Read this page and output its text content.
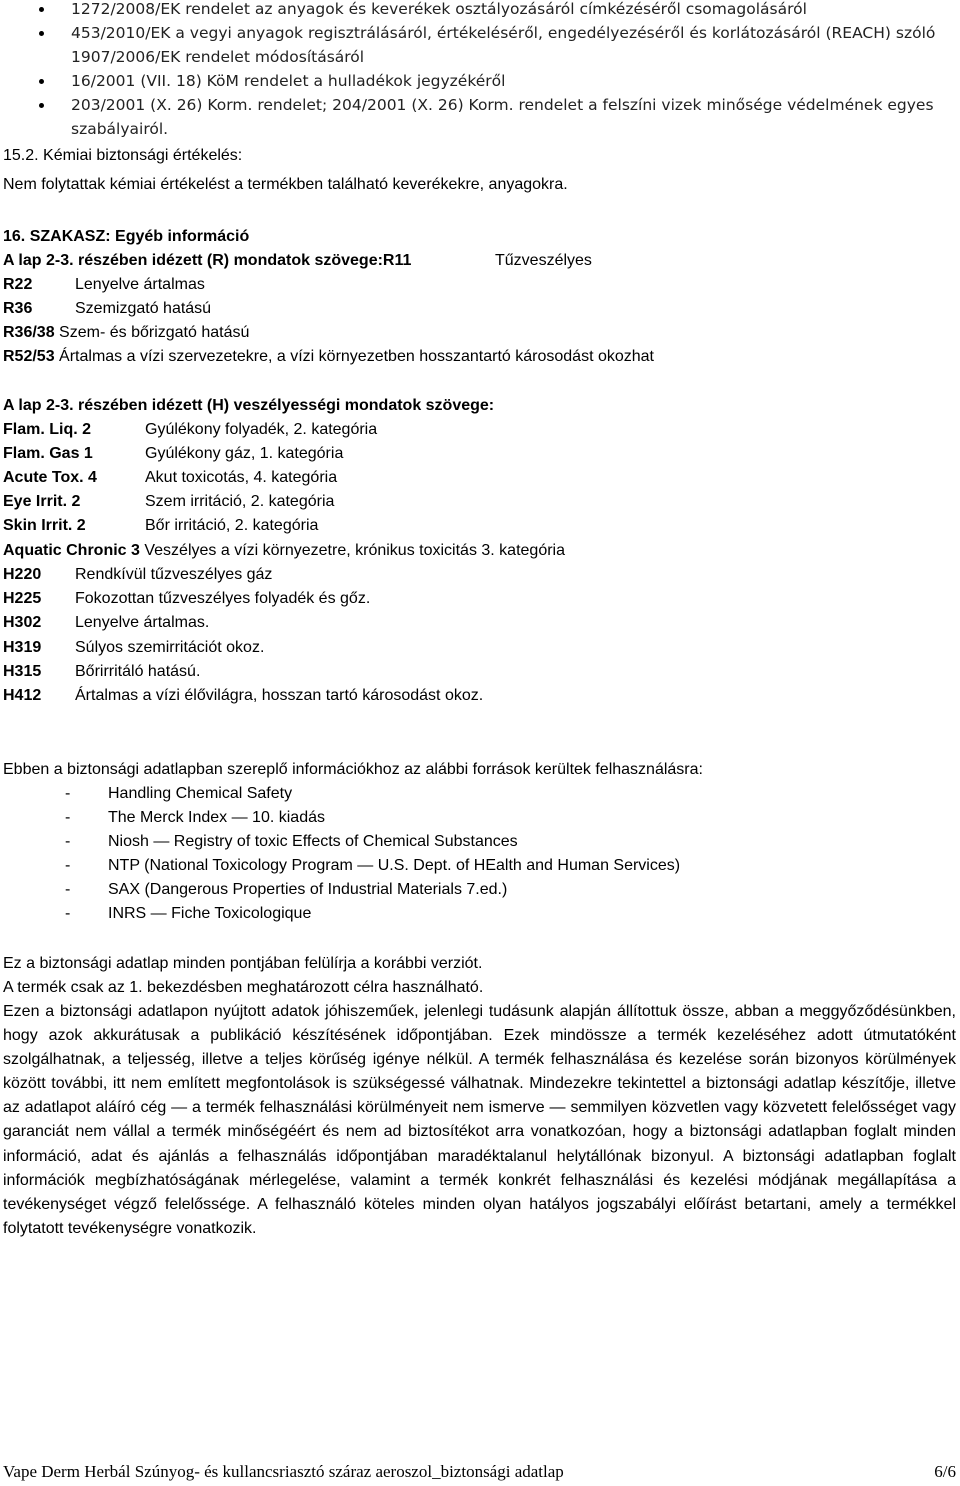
1272/2008/EK rendelet az anyagok és keverékek osztályozásáról címkézéséről csomagolásáról
453/2010/EK a vegyi anyagok regisztrálásáról, értékeléséről, engedélyezéséről és korlátozásáról (REACH) szóló 1907/2006/EK rendelet módosításáról
16/2001 (VII. 18) KöM rendelet a hulladékok jegyzékéről
203/2001 (X. 26) Korm. rendelet; 204/2001 (X. 26) Korm. rendelet a felszíni vizek minősége védelmének egyes szabályairól.
15.2. Kémiai biztonsági értékelés:
Nem folytattak kémiai értékelést a termékben található keverékekre, anyagokra.
16. SZAKASZ: Egyéb információ
A lap 2-3. részében idézett (R) mondatok szövege:R11	Tűzveszélyes
R22	Lenyelve ártalmas
R36	Szemizgató hatású
R36/38 Szem- és bőrizgató hatású
R52/53 Ártalmas a vízi szervezetekre, a vízi környezetben hosszantartó károsodást okozhat
A lap 2-3. részében idézett (H) veszélyességi mondatok szövege:
Flam. Liq. 2	Gyúlékony folyadék, 2. kategória
Flam. Gas 1	Gyúlékony gáz, 1. kategória
Acute Tox. 4	Akut toxicotás, 4. kategória
Eye Irrit. 2	Szem irritáció, 2. kategória
Skin Irrit. 2	Bőr irritáció, 2. kategória
Aquatic Chronic 3 Veszélyes a vízi környezetre, krónikus toxicitás 3. kategória
H220 Rendkívül tűzveszélyes gáz
H225 Fokozottan tűzveszélyes folyadék és gőz.
H302 Lenyelve ártalmas.
H319 Súlyos szemirritációt okoz.
H315 Bőrirritáló hatású.
H412 Ártalmas a vízi élővilágra, hosszan tartó károsodást okoz.
Ebben a biztonsági adatlapban szereplő információkhoz az alábbi források kerültek felhasználásra:
- Handling Chemical Safety
- The Merck Index — 10. kiadás
- Niosh — Registry of toxic Effects of Chemical Substances
- NTP (National Toxicology Program — U.S. Dept. of HEalth and Human Services)
- SAX (Dangerous Properties of Industrial Materials 7.ed.)
- INRS — Fiche Toxicologique
Ez a biztonsági adatlap minden pontjában felülírja a korábbi verziót.
A termék csak az 1. bekezdésben meghatározott célra használható.
Ezen a biztonsági adatlapon nyújtott adatok jóhiszeműek, jelenlegi tudásunk alapján állítottuk össze, abban a meggyőződésünkben, hogy azok akkurátusak a publikáció készítésének időpontjában. Ezek mindössze a termék kezeléséhez adott útmutatóként szolgálhatnak, a teljesség, illetve a teljes körűség igénye nélkül. A termék felhasználása és kezelése során bizonyos körülmények között további, itt nem említett megfontolások is szükségessé válhatnak. Mindezekre tekintettel a biztonsági adatlap készítője, illetve az adatlapot aláíró cég — a termék felhasználási körülményeit nem ismerve — semmilyen közvetlen vagy közvetett felelősséget vagy garanciát nem vállal a termék minőségéért és nem ad biztosítékot arra vonatkozóan, hogy a biztonsági adatlapban foglalt minden információ, adat és ajánlás a felhasználás időpontjában maradéktalanul helytállónak bizonyul. A biztonsági adatlapban foglalt információk megbízhatóságának mérlegelése, valamint a termék konkrét felhasználási és kezelési módjának megállapítása a tevékenységet végző felelőssége. A felhasználó köteles minden olyan hatályos jogszabályi előírást betartani, amely a termékkel folytatott tevékenységre vonatkozik.
Vape Derm Herbál Szúnyog- és kullancsriasztó száraz aeroszol_biztonsági adatlap	6/6
